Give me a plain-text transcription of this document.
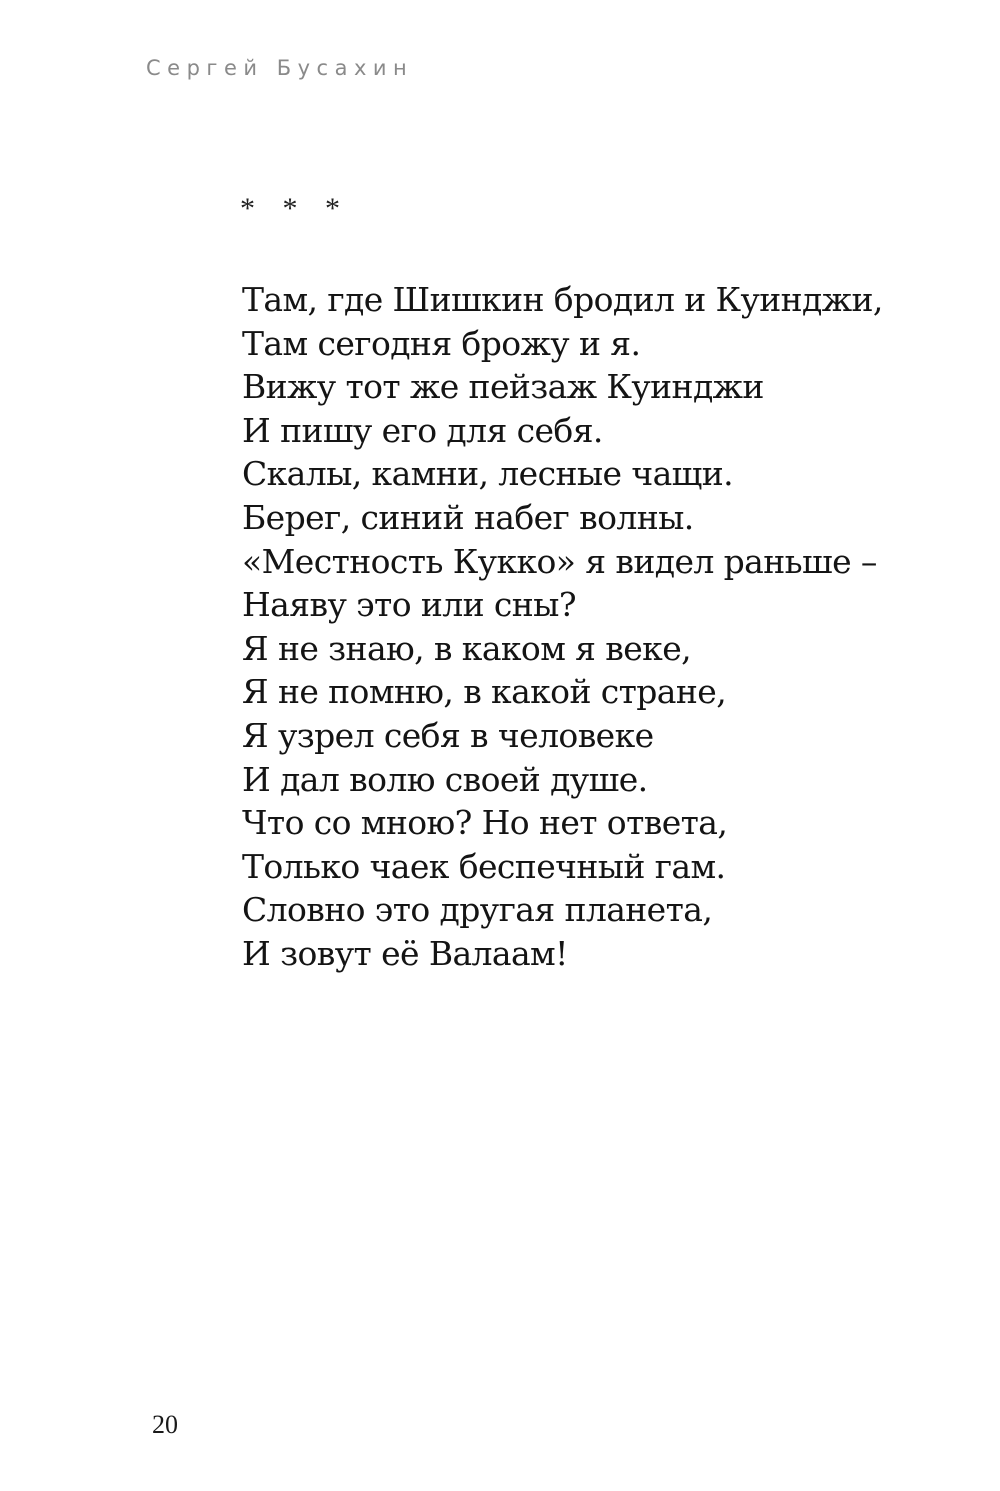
Сергей Бусахин
* * *
Там, где Шишкин бродил и Куинджи,
Там сегодня брожу и я.
Вижу тот же пейзаж Куинджи
И пишу его для себя.
Скалы, камни, лесные чащи.
Берег, синий набег волны.
«Местность Кукко» я видел раньше –
Наяву это или сны?
Я не знаю, в каком я веке,
Я не помню, в какой стране,
Я узрел себя в человеке
И дал волю своей душе.
Что со мною? Но нет ответа,
Только чаек беспечный гам.
Словно это другая планета,
И зовут её Валаам!
20
